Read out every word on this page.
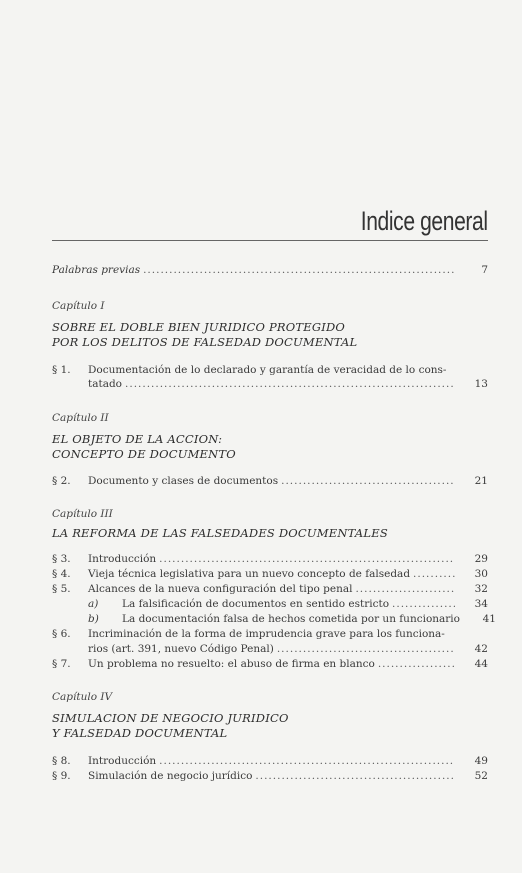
Indice general
Palabras previas .....	7
Capítulo I
SOBRE EL DOBLE BIEN JURIDICO PROTEGIDO
POR LOS DELITOS DE FALSEDAD DOCUMENTAL
§ 1.	Documentación de lo declarado y garantía de veracidad de lo cons-
tatado .....	13
Capítulo II
EL OBJETO DE LA ACCION:
CONCEPTO DE DOCUMENTO
§ 2.	Documento y clases de documentos .....	21
Capítulo III
LA REFORMA DE LAS FALSEDADES DOCUMENTALES
§ 3.	Introducción .....	29
§ 4.	Vieja técnica legislativa para un nuevo concepto de falsedad .....	30
§ 5.	Alcances de la nueva configuración del tipo penal .....	32
a)	La falsificación de documentos en sentido estricto .....	34
b)	La documentación falsa de hechos cometida por un funcionario	41
§ 6.	Incriminación de la forma de imprudencia grave para los funciona-
rios (art. 391, nuevo Código Penal) .....	42
§ 7.	Un problema no resuelto: el abuso de firma en blanco .....	44
Capítulo IV
SIMULACION DE NEGOCIO JURIDICO
Y FALSEDAD DOCUMENTAL
§ 8.	Introducción .....	49
§ 9.	Simulación de negocio jurídico .....	52
